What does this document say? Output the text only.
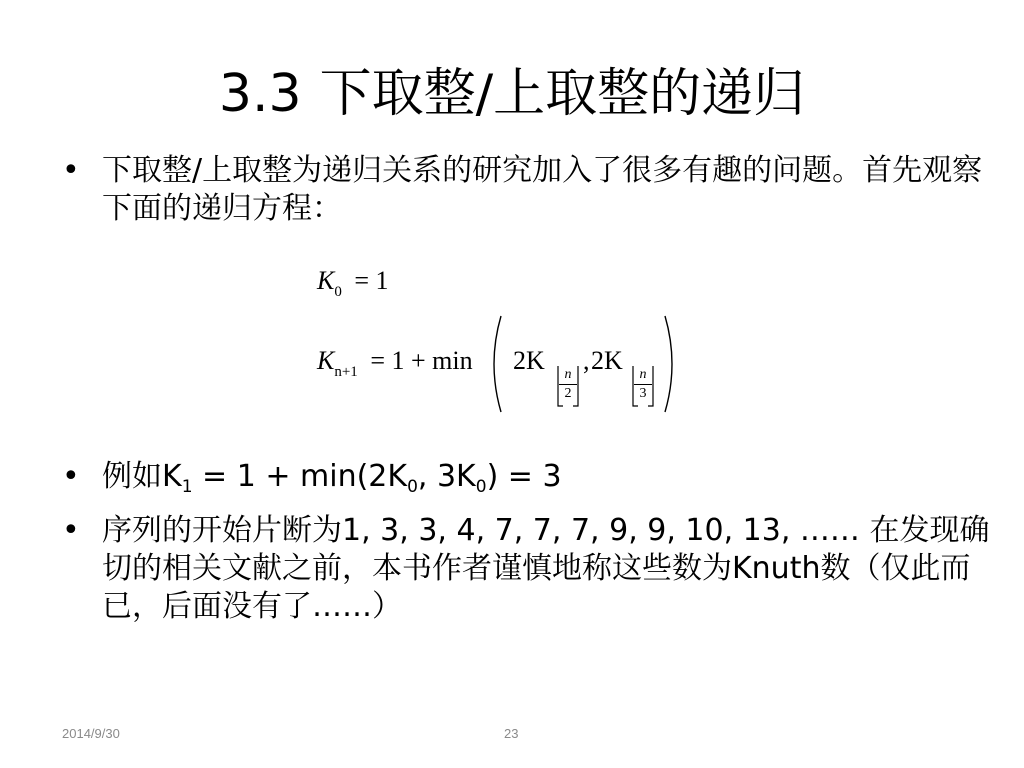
3.3 下取整/上取整的递归
• 下取整/上取整为递归关系的研究加入了很多有趣的问题。首先观察下面的递归方程：
$K_0 = 1$
$K_{n+1} = 1 + \min 2K$
$\frac{n}{2}$
, 2K
$\frac{n}{3}$
• 例如$K_1 = 1 + \min(2K_0$, $3K_0) = 3$
• 序列的开始片断为1, 3, 3, 4, 7, 7, 7, 9, 9, 10, 13, …… 在发现确切的相关文献之前，本书作者谨慎地称这些数为Knuth数（仅此而已，后面没有了……）
2014/9/30	23
